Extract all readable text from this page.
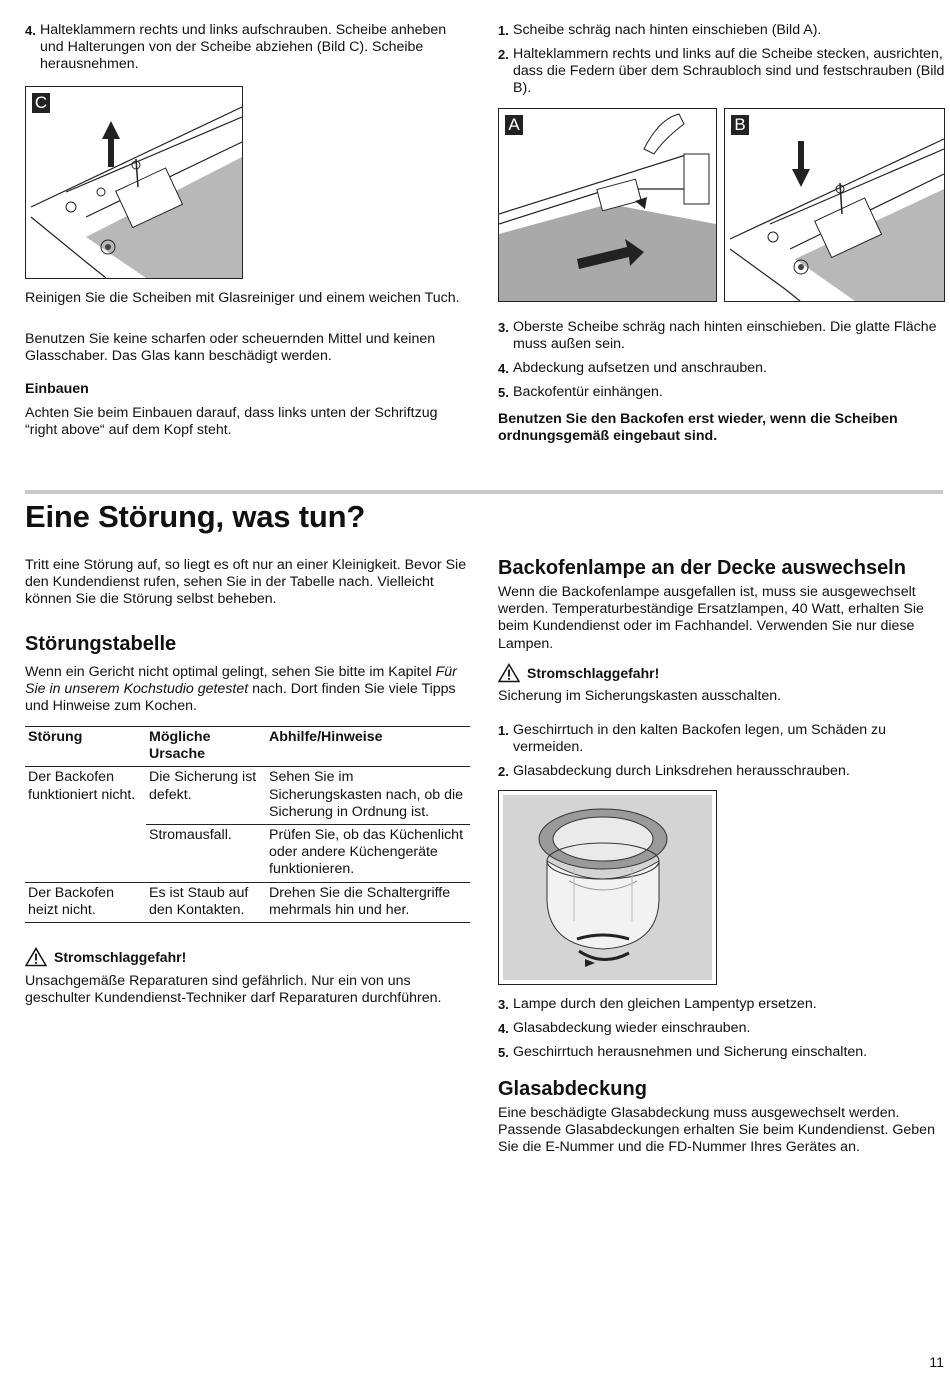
4. Halteklammern rechts und links aufschrauben. Scheibe anheben und Halterungen von der Scheibe abziehen (Bild C). Scheibe herausnehmen.
C

Reinigen Sie die Scheiben mit Glasreiniger und einem weichen Tuch.

Benutzen Sie keine scharfen oder scheuernden Mittel und keinen Glasschaber. Das Glas kann beschädigt werden.

Einbauen

Achten Sie beim Einbauen darauf, dass links unten der Schriftzug “right above“ auf dem Kopf steht.

1. Scheibe schräg nach hinten einschieben (Bild A).
2. Halteklammern rechts und links auf die Scheibe stecken, ausrichten, dass die Federn über dem Schraubloch sind und festschrauben (Bild B).
A	B
3. Oberste Scheibe schräg nach hinten einschieben. Die glatte Fläche muss außen sein.
4. Abdeckung aufsetzen und anschrauben.
5. Backofentür einhängen.

Benutzen Sie den Backofen erst wieder, wenn die Scheiben ordnungsgemäß eingebaut sind.

Eine Störung, was tun?

Tritt eine Störung auf, so liegt es oft nur an einer Kleinigkeit. Bevor Sie den Kundendienst rufen, sehen Sie in der Tabelle nach. Vielleicht können Sie die Störung selbst beheben.

Störungstabelle

Wenn ein Gericht nicht optimal gelingt, sehen Sie bitte im Kapitel Für Sie in unserem Kochstudio getestet nach. Dort finden Sie viele Tipps und Hinweise zum Kochen.

Störung	Mögliche Ursache	Abhilfe/Hinweise
Der Backofen funktioniert nicht.	Die Sicherung ist defekt.	Sehen Sie im Sicherungskasten nach, ob die Sicherung in Ordnung ist.
	Stromausfall.	Prüfen Sie, ob das Küchenlicht oder andere Küchengeräte funktionieren.
Der Backofen heizt nicht.	Es ist Staub auf den Kontakten.	Drehen Sie die Schaltergriffe mehrmals hin und her.
Stromschlaggefahr!

Unsachgemäße Reparaturen sind gefährlich. Nur ein von uns geschulter Kundendienst-Techniker darf Reparaturen durchführen.

Backofenlampe an der Decke auswechseln

Wenn die Backofenlampe ausgefallen ist, muss sie ausgewechselt werden. Temperaturbeständige Ersatzlampen, 40 Watt, erhalten Sie beim Kundendienst oder im Fachhandel. Verwenden Sie nur diese Lampen.

Stromschlaggefahr!

Sicherung im Sicherungskasten ausschalten.

1. Geschirrtuch in den kalten Backofen legen, um Schäden zu vermeiden.
2. Glasabdeckung durch Linksdrehen herausschrauben.
3. Lampe durch den gleichen Lampentyp ersetzen.
4. Glasabdeckung wieder einschrauben.
5. Geschirrtuch herausnehmen und Sicherung einschalten.
Glasabdeckung

Eine beschädigte Glasabdeckung muss ausgewechselt werden. Passende Glasabdeckungen erhalten Sie beim Kundendienst. Geben Sie die E-Nummer und die FD-Nummer Ihres Gerätes an.

11
